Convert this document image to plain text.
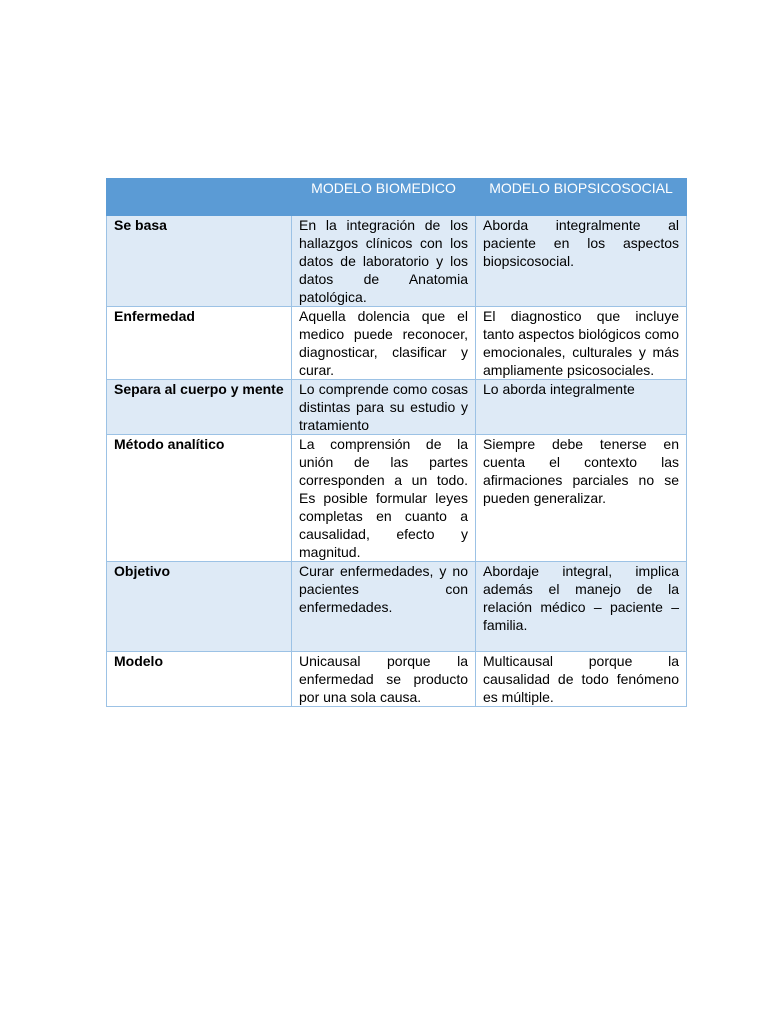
	MODELO BIOMEDICO	MODELO BIOPSICOSOCIAL
Se basa	En la integración de los hallazgos clínicos con los datos de laboratorio y los datos de Anatomia patológica.	Aborda integralmente al paciente en los aspectos biopsicosocial.
Enfermedad	Aquella dolencia que el medico puede reconocer, diagnosticar, clasificar y curar.	El diagnostico que incluye tanto aspectos biológicos como emocionales, culturales y más ampliamente psicosociales.
Separa al cuerpo y mente	Lo comprende como cosas distintas para su estudio y tratamiento	Lo aborda integralmente
Método analítico	La comprensión de la unión de las partes corresponden a un todo. Es posible formular leyes completas en cuanto a causalidad, efecto y magnitud.	Siempre debe tenerse en cuenta el contexto las afirmaciones parciales no se pueden generalizar.
Objetivo	Curar enfermedades, y no pacientes con enfermedades.	Abordaje integral, implica además el manejo de la relación médico – paciente – familia.
Modelo	Unicausal porque la enfermedad se producto por una sola causa.	Multicausal porque la causalidad de todo fenómeno es múltiple.
